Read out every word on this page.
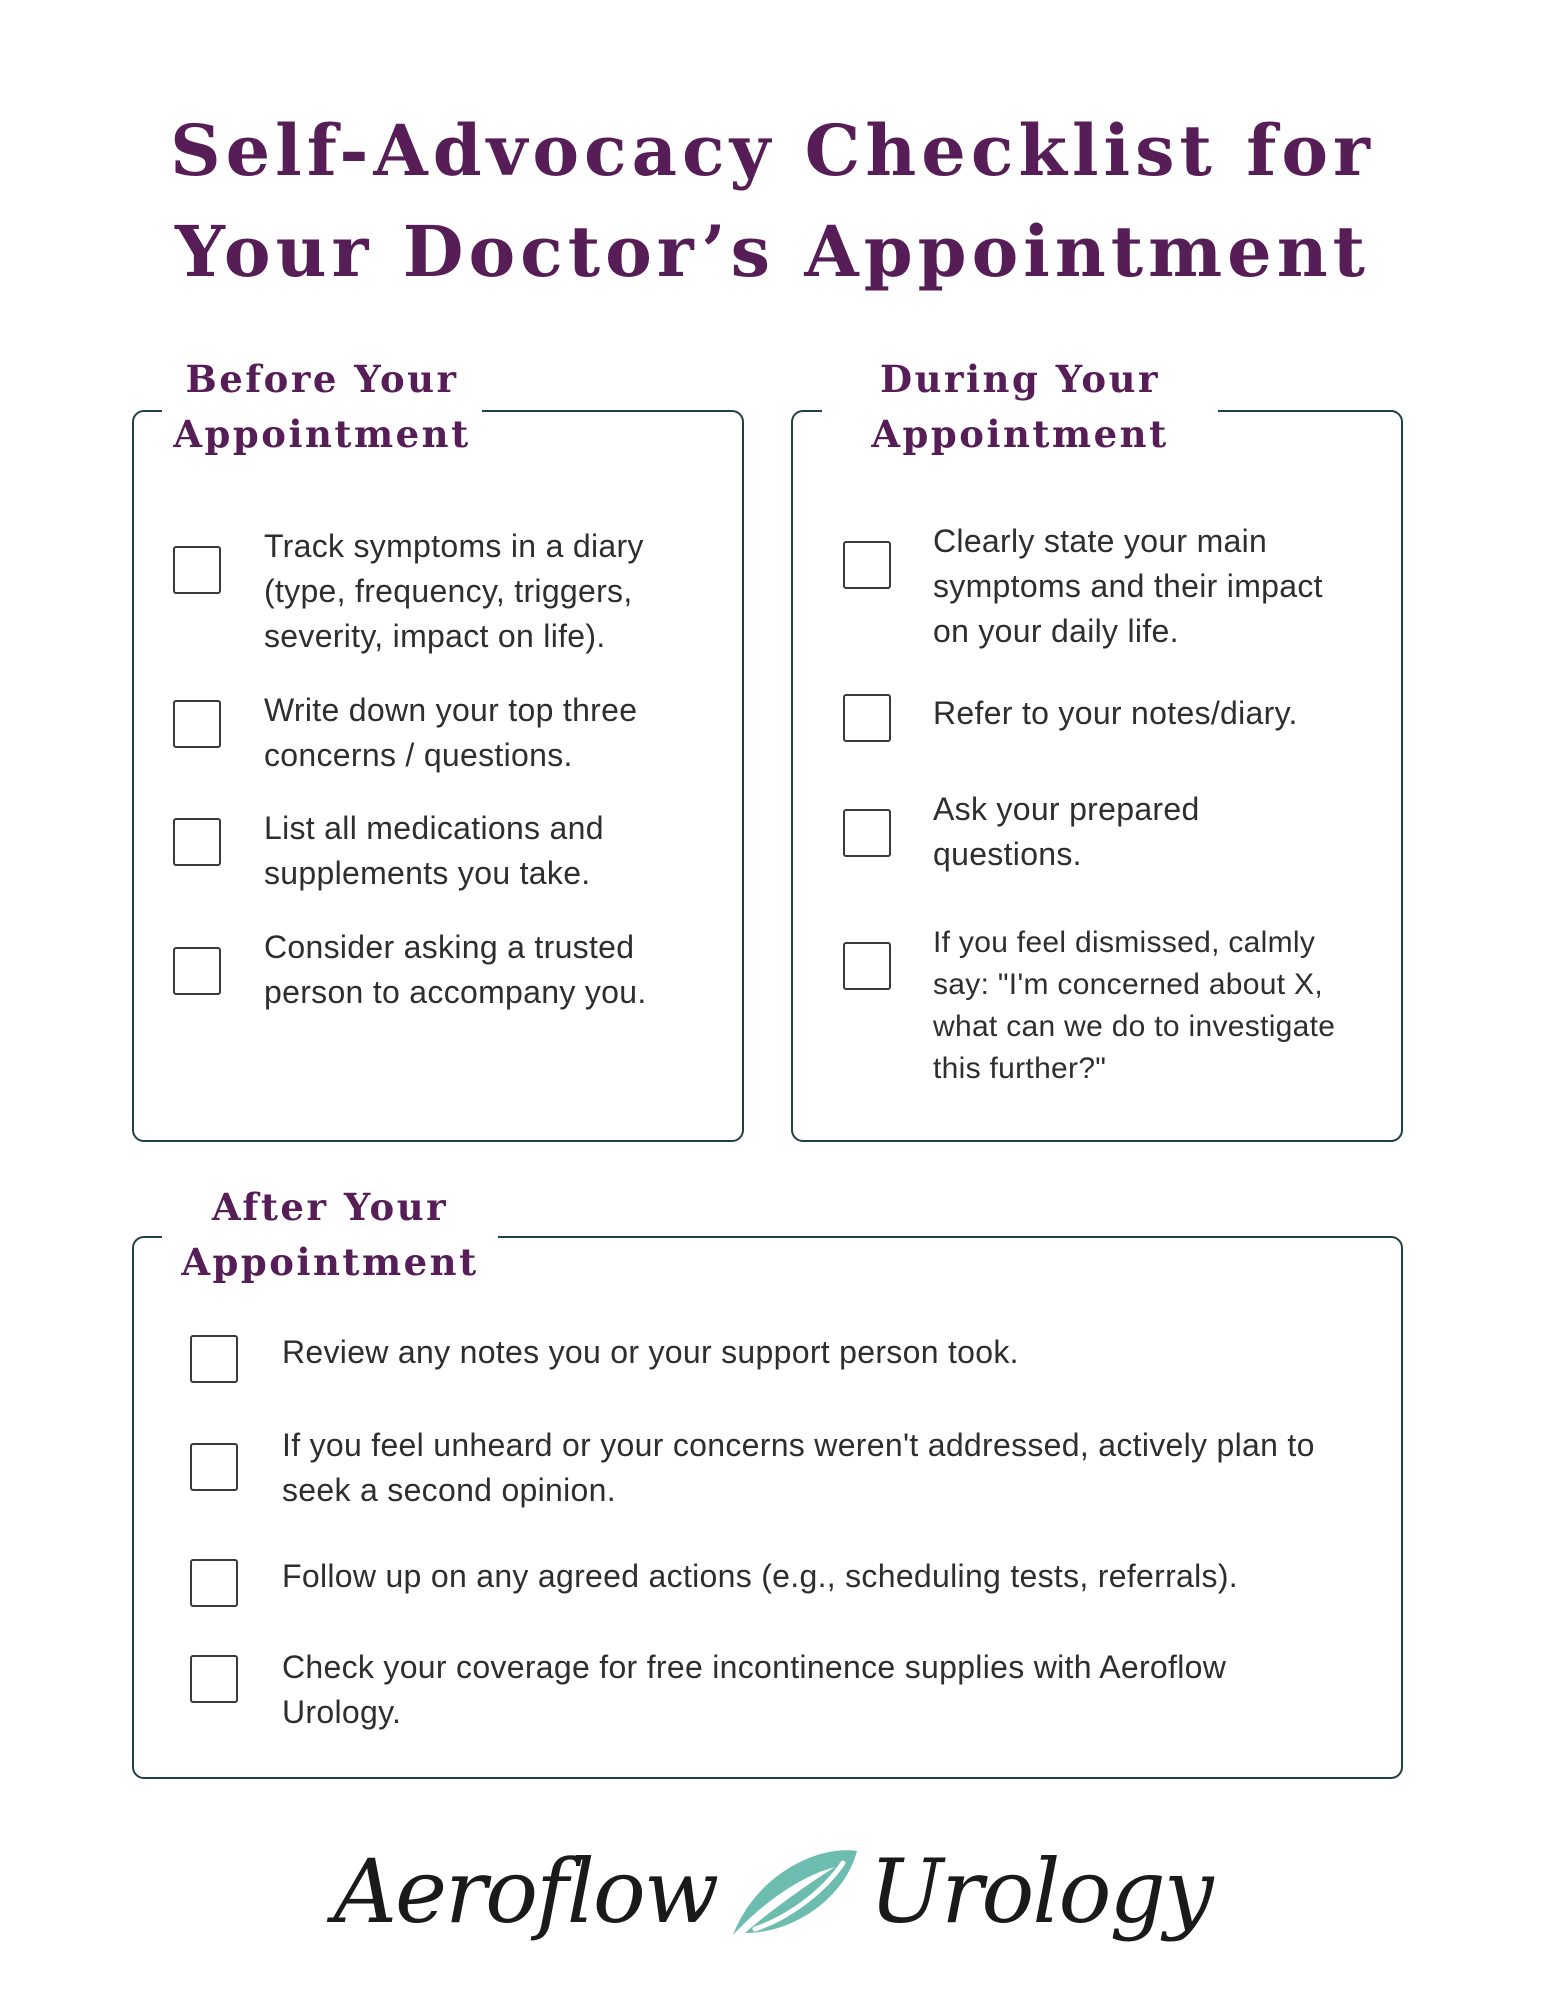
Self-Advocacy Checklist for
Your Doctor’s Appointment
Before Your
Appointment
Track symptoms in a diary (type, frequency, triggers, severity, impact on life).
Write down your top three concerns / questions.
List all medications and supplements you take.
Consider asking a trusted person to accompany you.
During Your
Appointment
Clearly state your main symptoms and their impact on your daily life.
Refer to your notes/diary.
Ask your prepared questions.
If you feel dismissed, calmly say: "I'm concerned about X, what can we do to investigate this further?"
After Your
Appointment
Review any notes you or your support person took.
If you feel unheard or your concerns weren't addressed, actively plan to seek a second opinion.
Follow up on any agreed actions (e.g., scheduling tests, referrals).
Check your coverage for free incontinence supplies with Aeroflow Urology.
Aeroflow Urology
